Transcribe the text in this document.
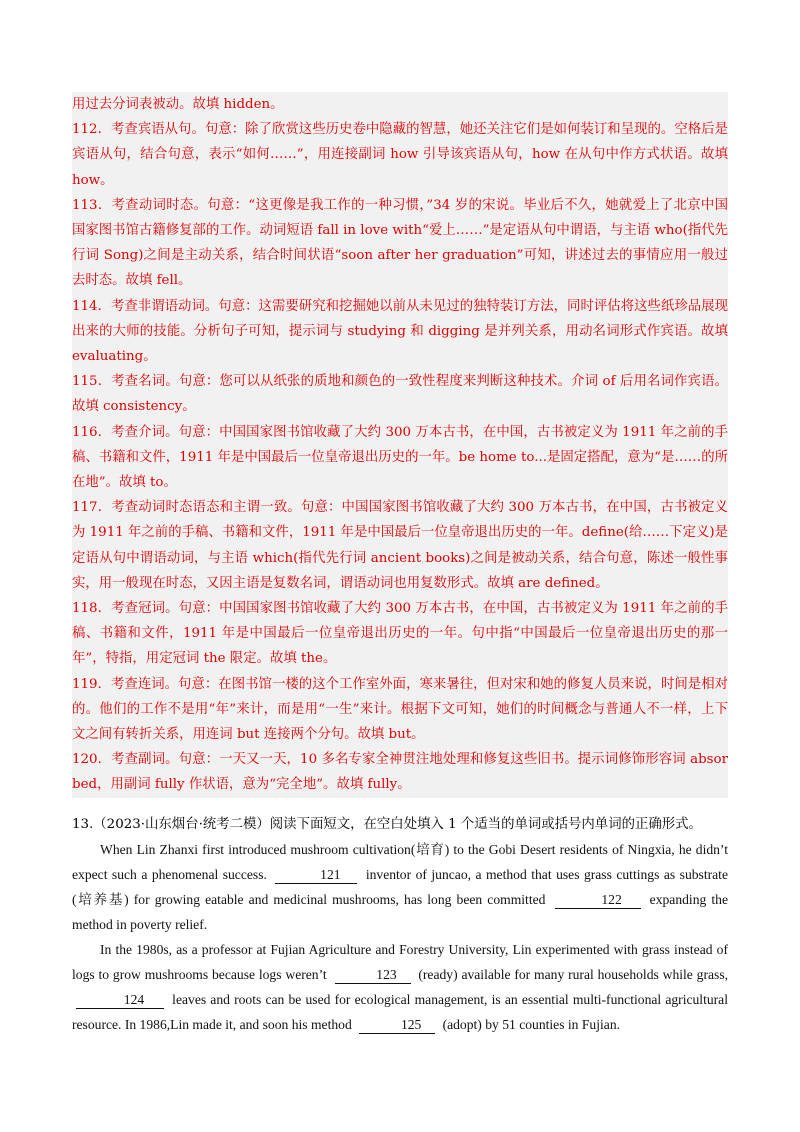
用过去分词表被动。故填 hidden。

112．考查宾语从句。句意：除了欣赏这些历史卷中隐藏的智慧，她还关注它们是如何装订和呈现的。空格后是宾语从句，结合句意，表示“如何……”，用连接副词 how 引导该宾语从句，how 在从句中作方式状语。故填 how。

113．考查动词时态。句意：“这更像是我工作的一种习惯，”34 岁的宋说。毕业后不久，她就爱上了北京中国国家图书馆古籍修复部的工作。动词短语 fall in love with“爱上……”是定语从句中谓语，与主语 who(指代先行词 Song)之间是主动关系，结合时间状语“soon after her graduation”可知，讲述过去的事情应用一般过去时态。故填 fell。

114．考查非谓语动词。句意：这需要研究和挖掘她以前从未见过的独特装订方法，同时评估将这些纸珍品展现出来的大师的技能。分析句子可知，提示词与 studying 和 digging 是并列关系，用动名词形式作宾语。故填 evaluating。

115．考查名词。句意：您可以从纸张的质地和颜色的一致性程度来判断这种技术。介词 of 后用名词作宾语。故填 consistency。

116．考查介词。句意：中国国家图书馆收藏了大约 300 万本古书，在中国，古书被定义为 1911 年之前的手稿、书籍和文件，1911 年是中国最后一位皇帝退出历史的一年。be home to...是固定搭配，意为“是……的所在地”。故填 to。

117．考查动词时态语态和主谓一致。句意：中国国家图书馆收藏了大约 300 万本古书，在中国，古书被定义为 1911 年之前的手稿、书籍和文件，1911 年是中国最后一位皇帝退出历史的一年。define(给……下定义)是定语从句中谓语动词，与主语 which(指代先行词 ancient books)之间是被动关系，结合句意，陈述一般性事实，用一般现在时态，又因主语是复数名词，谓语动词也用复数形式。故填 are defined。

118．考查冠词。句意：中国国家图书馆收藏了大约 300 万本古书，在中国，古书被定义为 1911 年之前的手稿、书籍和文件，1911 年是中国最后一位皇帝退出历史的一年。句中指“中国最后一位皇帝退出历史的那一年”，特指，用定冠词 the 限定。故填 the。

119．考查连词。句意：在图书馆一楼的这个工作室外面，寒来暑往，但对宋和她的修复人员来说，时间是相对的。他们的工作不是用“年”来计，而是用“一生”来计。根据下文可知，她们的时间概念与普通人不一样，上下文之间有转折关系，用连词 but 连接两个分句。故填 but。

120．考查副词。句意：一天又一天，10 多名专家全神贯注地处理和修复这些旧书。提示词修饰形容词 absorbed，用副词 fully 作状语，意为“完全地”。故填 fully。

13.（2023·山东烟台·统考二模）阅读下面短文，在空白处填入 1 个适当的单词或括号内单词的正确形式。

When Lin Zhanxi first introduced mushroom cultivation(培育) to the Gobi Desert residents of Ningxia, he didn’t expect such a phenomenal success.	121 inventor of juncao, a method that uses grass cuttings as substrate (培养基) for growing eatable and medicinal mushrooms, has long been committed	122 expanding the method in poverty relief.

In the 1980s, as a professor at Fujian Agriculture and Forestry University, Lin experimented with grass instead of logs to grow mushrooms because logs weren’t	123 (ready) available for many rural households while grass, 124 leaves and roots can be used for ecological management, is an essential multi-functional agricultural resource. In 1986,Lin made it, and soon his method	125 (adopt) by 51 counties in Fujian.
